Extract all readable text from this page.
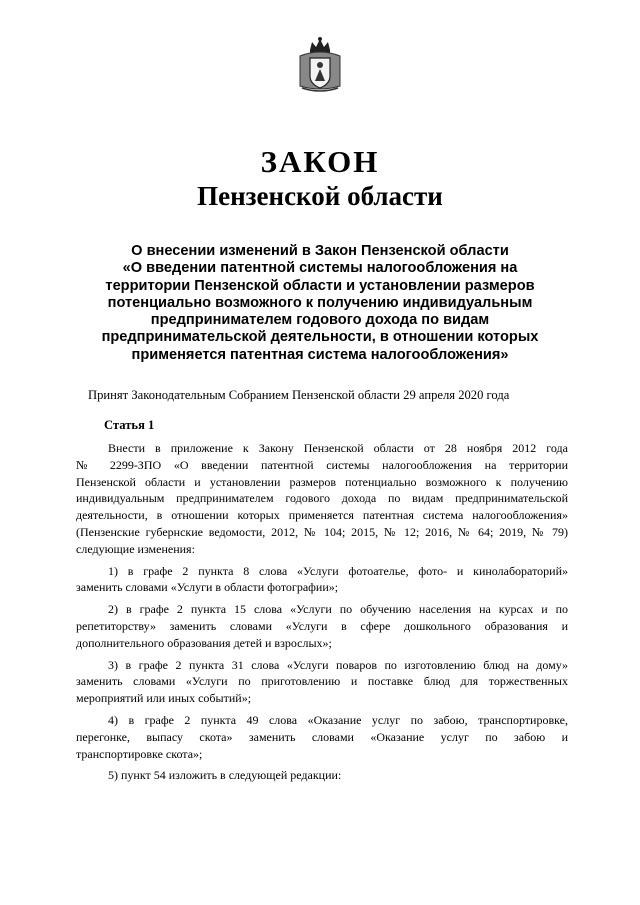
ЗАКОН
Пензенской области
О внесении изменений в Закон Пензенской области
«О введении патентной системы налогообложения на
территории Пензенской области и установлении размеров
потенциально возможного к получению индивидуальным
предпринимателем годового дохода по видам
предпринимательской деятельности, в отношении которых
применяется патентная система налогообложения»
Принят Законодательным Собранием Пензенской области 29 апреля 2020 года
Статья 1
Внести в приложение к Закону Пензенской области от 28 ноября 2012 года
№ 2299-ЗПО «О введении патентной системы налогообложения на территории
Пензенской области и установлении размеров потенциально возможного к получению
индивидуальным предпринимателем годового дохода по видам предпринимательской
деятельности, в отношении которых применяется патентная система налогообложения»
(Пензенские губернские ведомости, 2012, № 104; 2015, № 12; 2016, № 64; 2019, № 79)
следующие изменения:
1) в графе 2 пункта 8 слова «Услуги фотоателье, фото- и кинолабораторий»
заменить словами «Услуги в области фотографии»;
2) в графе 2 пункта 15 слова «Услуги по обучению населения на курсах и по
репетиторству» заменить словами «Услуги в сфере дошкольного образования и
дополнительного образования детей и взрослых»;
3) в графе 2 пункта 31 слова «Услуги поваров по изготовлению блюд на дому»
заменить словами «Услуги по приготовлению и поставке блюд для торжественных
мероприятий или иных событий»;
4) в графе 2 пункта 49 слова «Оказание услуг по забою, транспортировке,
перегонке, выпасу скота» заменить словами «Оказание услуг по забою и
транспортировке скота»;
5) пункт 54 изложить в следующей редакции:
